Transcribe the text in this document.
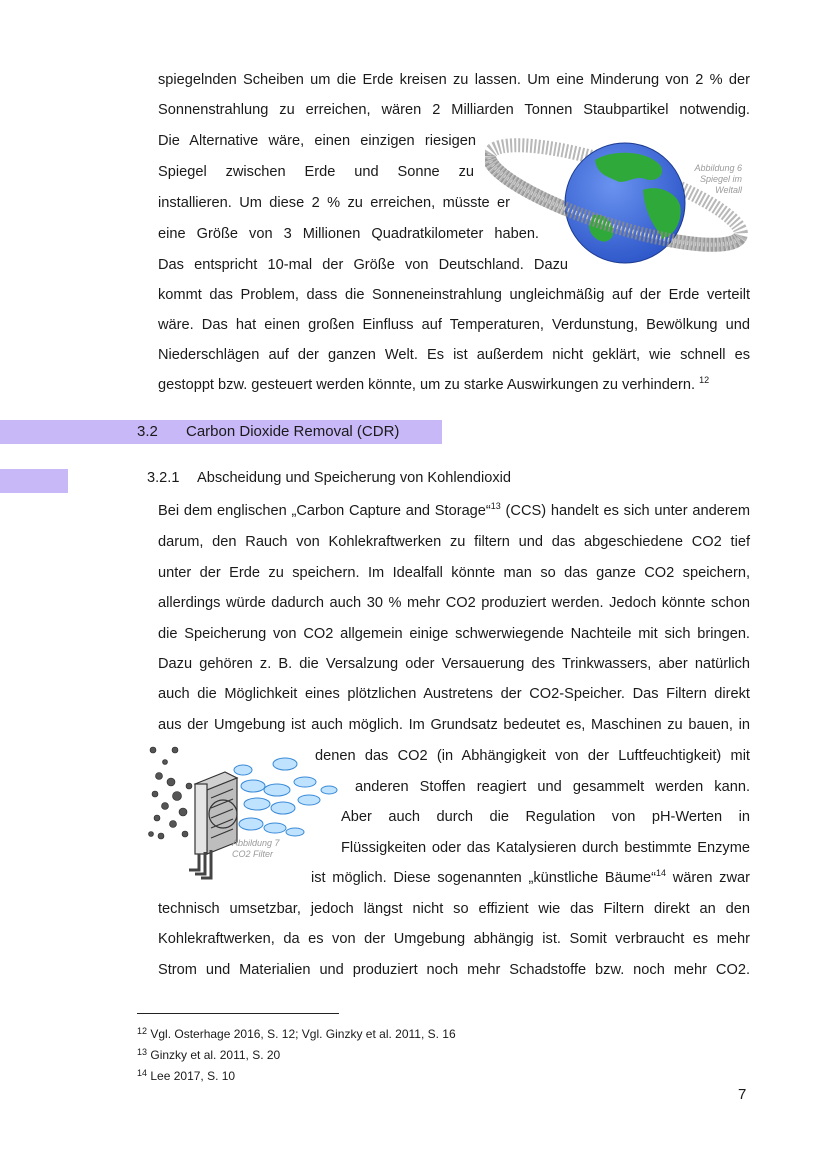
spiegelnden Scheiben um die Erde kreisen zu lassen. Um eine Minderung von 2 % der
Sonnenstrahlung zu erreichen, wären 2 Milliarden Tonnen Staubpartikel notwendig.
Die Alternative wäre, einen einzigen riesigen
Spiegel zwischen Erde und Sonne zu
installieren. Um diese 2 % zu erreichen, müsste er
eine Größe von 3 Millionen Quadratkilometer haben.
Das entspricht 10-mal der Größe von Deutschland. Dazu
kommt das Problem, dass die Sonneneinstrahlung ungleichmäßig auf der Erde verteilt
wäre. Das hat einen großen Einfluss auf Temperaturen, Verdunstung, Bewölkung und
Niederschlägen auf der ganzen Welt. Es ist außerdem nicht geklärt, wie schnell es
gestoppt bzw. gesteuert werden könnte, um zu starke Auswirkungen zu verhindern. $^{12}$
Abbildung 6
Spiegel im
Weltall
3.2 Carbon Dioxide Removal (CDR)
3.2.1 Abscheidung und Speicherung von Kohlendioxid
Bei dem englischen „Carbon Capture and Storage“$^{13}$ (CCS) handelt es sich unter anderem
darum, den Rauch von Kohlekraftwerken zu filtern und das abgeschiedene CO2 tief
unter der Erde zu speichern. Im Idealfall könnte man so das ganze CO2 speichern,
allerdings würde dadurch auch 30 % mehr CO2 produziert werden. Jedoch könnte schon
die Speicherung von CO2 allgemein einige schwerwiegende Nachteile mit sich bringen.
Dazu gehören z. B. die Versalzung oder Versauerung des Trinkwassers, aber natürlich
auch die Möglichkeit eines plötzlichen Austretens der CO2-Speicher. Das Filtern direkt
aus der Umgebung ist auch möglich. Im Grundsatz bedeutet es, Maschinen zu bauen, in
denen das CO2 (in Abhängigkeit von der Luftfeuchtigkeit) mit
anderen Stoffen reagiert und gesammelt werden kann.
Aber auch durch die Regulation von pH-Werten in
Flüssigkeiten oder das Katalysieren durch bestimmte Enzyme
ist möglich. Diese sogenannten „künstliche Bäume“$^{14}$ wären zwar
technisch umsetzbar, jedoch längst nicht so effizient wie das Filtern direkt an den
Kohlekraftwerken, da es von der Umgebung abhängig ist. Somit verbraucht es mehr
Strom und Materialien und produziert noch mehr Schadstoffe bzw. noch mehr CO2.
Abbildung 7
CO2 Filter
$^{12}$ Vgl. Osterhage 2016, S. 12; Vgl. Ginzky et al. 2011, S. 16
$^{13}$ Ginzky et al. 2011, S. 20
$^{14}$ Lee 2017, S. 10
7
